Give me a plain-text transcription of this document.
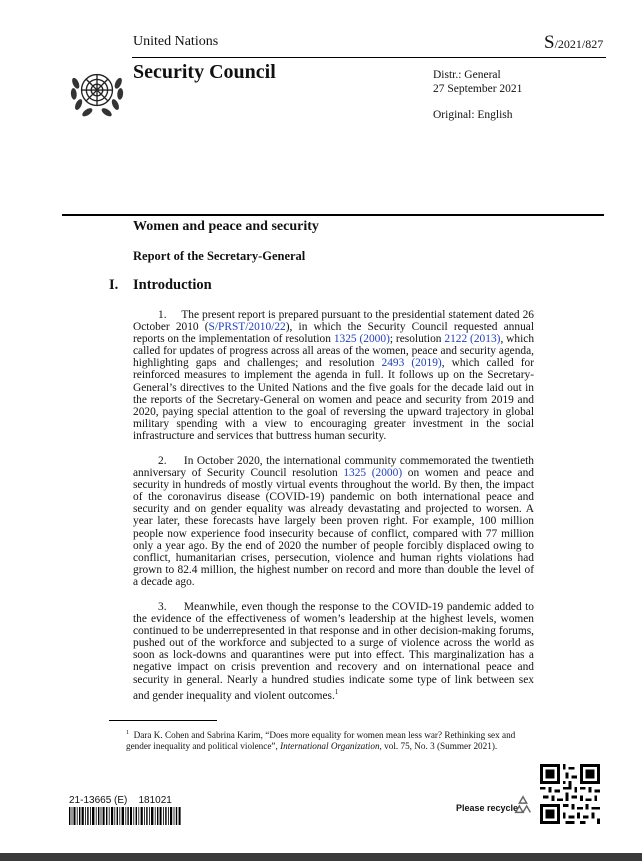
United Nations	S/2021/827
Security Council	Distr.: General
27 September 2021
Original: English
Women and peace and security
Report of the Secretary-General
I. Introduction

1. The present report is prepared pursuant to the presidential statement dated 26 October 2010 (S/PRST/2010/22), in which the Security Council requested annual reports on the implementation of resolution 1325 (2000); resolution 2122 (2013), which called for updates of progress across all areas of the women, peace and security agenda, highlighting gaps and challenges; and resolution 2493 (2019), which called for reinforced measures to implement the agenda in full. It follows up on the Secretary-General’s directives to the United Nations and the five goals for the decade laid out in the reports of the Secretary-General on women and peace and security from 2019 and 2020, paying special attention to the goal of reversing the upward trajectory in global military spending with a view to encouraging greater investment in the social infrastructure and services that buttress human security.

2. In October 2020, the international community commemorated the twentieth anniversary of Security Council resolution 1325 (2000) on women and peace and security in hundreds of mostly virtual events throughout the world. By then, the impact of the coronavirus disease (COVID-19) pandemic on both international peace and security and on gender equality was already devastating and projected to worsen. A year later, these forecasts have largely been proven right. For example, 100 million people now experience food insecurity because of conflict, compared with 77 million only a year ago. By the end of 2020 the number of people forcibly displaced owing to conflict, humanitarian crises, persecution, violence and human rights violations had grown to 82.4 million, the highest number on record and more than double the level of a decade ago.

3. Meanwhile, even though the response to the COVID-19 pandemic added to the evidence of the effectiveness of women’s leadership at the highest levels, women continued to be underrepresented in that response and in other decision-making forums, pushed out of the workforce and subjected to a surge of violence across the world as soon as lock-downs and quarantines were put into effect. This marginalization has a negative impact on crisis prevention and recovery and on international peace and security in general. Nearly a hundred studies indicate some type of link between sex and gender inequality and violent outcomes.$^1$

$^1$ Dara K. Cohen and Sabrina Karim, “Does more equality for women mean less war? Rethinking sex and gender inequality and political violence”, International Organization, vol. 75, No. 3 (Summer 2021).
21-13665 (E)    181021
Please recycle
